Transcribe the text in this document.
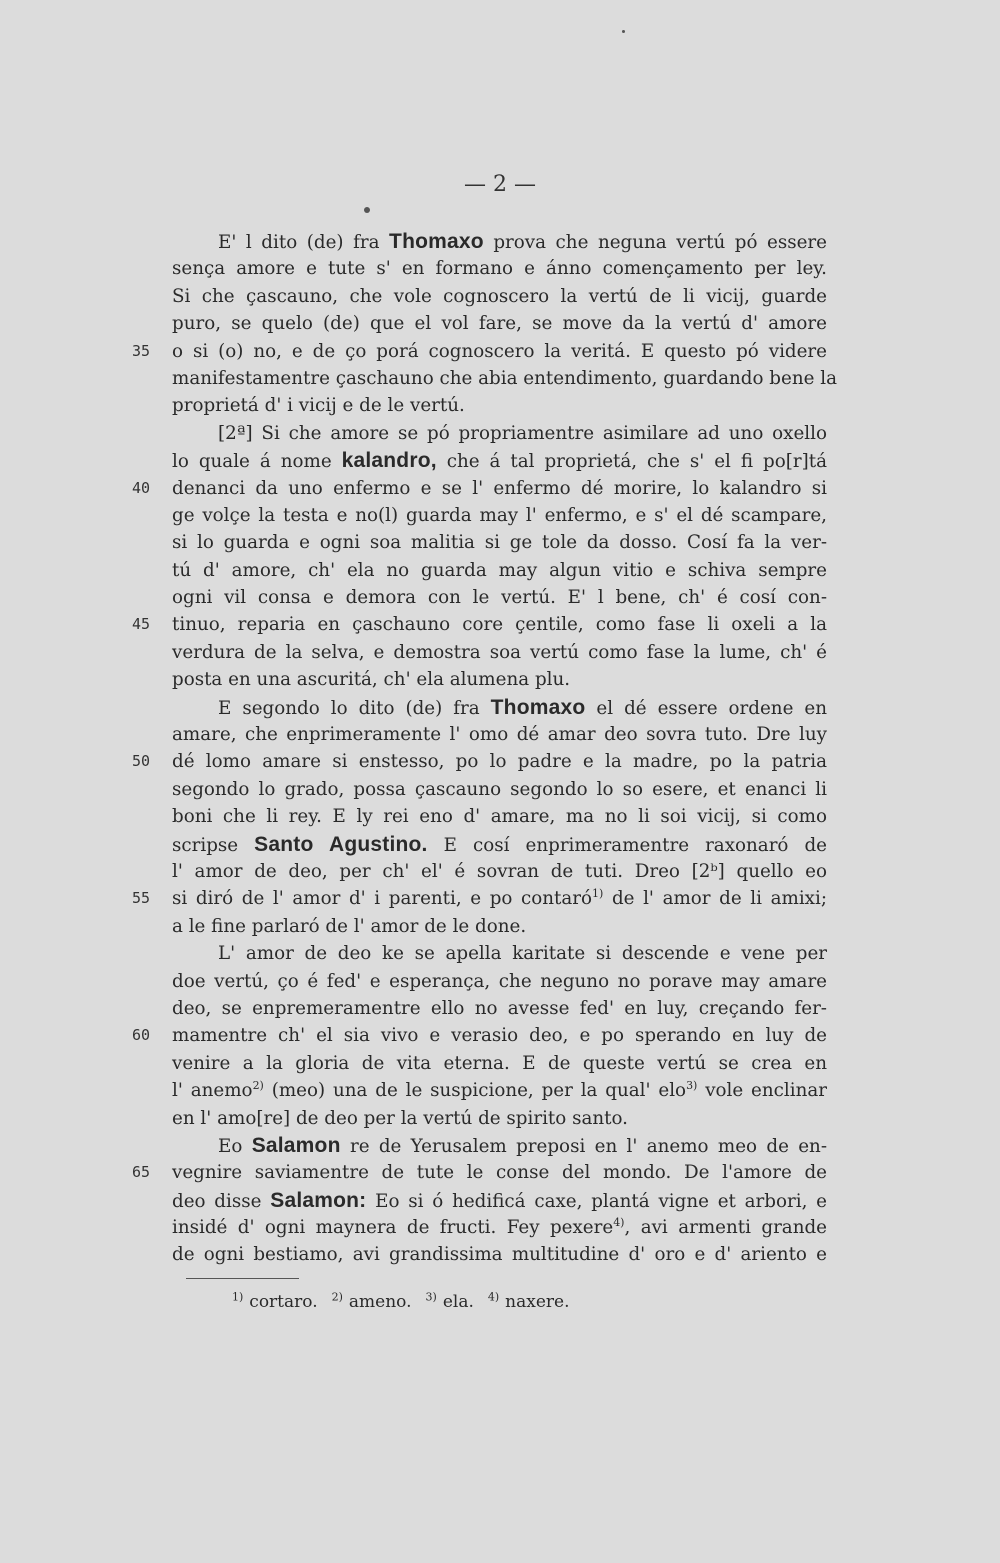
— 2 —
E' l dito (de) fra Thomaxo prova che neguna vertú pó essere
sença amore e tute s' en formano e ánno començamento per ley.
Si che çascauno, che vole cognoscero la vertú de li vicij, guarde
puro, se quelo (de) que el vol fare, se move da la vertú d' amore
35 o si (o) no, e de ço porá cognoscero la veritá. E questo pó videre
manifestamentre çaschauno che abia entendimento, guardando bene la
proprietá d' i vicij e de le vertú.
[2ª] Si che amore se pó propriamentre asimilare ad uno oxello
lo quale á nome kalandro, che á tal proprietá, che s' el fi po[r]tá
40 denanci da uno enfermo e se l' enfermo dé morire, lo kalandro si
ge volçe la testa e no(l) guarda may l' enfermo, e s' el dé scampare,
si lo guarda e ogni soa malitia si ge tole da dosso. Cosí fa la ver-
tú d' amore, ch' ela no guarda may algun vitio e schiva sempre
ogni vil consa e demora con le vertú. E' l bene, ch' é cosí con-
45 tinuo, reparia en çaschauno core çentile, como fase li oxeli a la
verdura de la selva, e demostra soa vertú como fase la lume, ch' é
posta en una ascuritá, ch' ela alumena plu.
E segondo lo dito (de) fra Thomaxo el dé essere ordene en
amare, che enprimeramente l' omo dé amar deo sovra tuto. Dre luy
50 dé lomo amare si enstesso, po lo padre e la madre, po la patria
segondo lo grado, possa çascauno segondo lo so esere, et enanci li
boni che li rey. E ly rei eno d' amare, ma no li soi vicij, si como
scripse Santo Agustino. E cosí enprimeramentre raxonaró de
l' amor de deo, per ch' el' é sovran de tuti. Dreo [2ᵇ] quello eo
55 si diró de l' amor d' i parenti, e po contaró$^{1)}$ de l' amor de li amixi;
a le fine parlaró de l' amor de le done.
L' amor de deo ke se apella karitate si descende e vene per
doe vertú, ço é fed' e esperança, che neguno no porave may amare
deo, se enpremeramentre ello no avesse fed' en luy, creçando fer-
60 mamentre ch' el sia vivo e verasio deo, e po sperando en luy de
venire a la gloria de vita eterna. E de queste vertú se crea en
l' anemo$^{2)}$ (meo) una de le suspicione, per la qual' elo$^{3)}$ vole enclinar
en l' amo[re] de deo per la vertú de spirito santo.
Eo Salamon re de Yerusalem preposi en l' anemo meo de en-
65 vegnire saviamentre de tute le conse del mondo. De l'amore de
deo disse Salamon: Eo si ó hedificá caxe, plantá vigne et arbori, e
insidé d' ogni maynera de fructi. Fey pexere$^{4)}$, avi armenti grande
de ogni bestiamo, avi grandissima multitudine d' oro e d' ariento e
$^{1)}$ cortaro. $^{2)}$ ameno. $^{3)}$ ela. $^{4)}$ naxere.
